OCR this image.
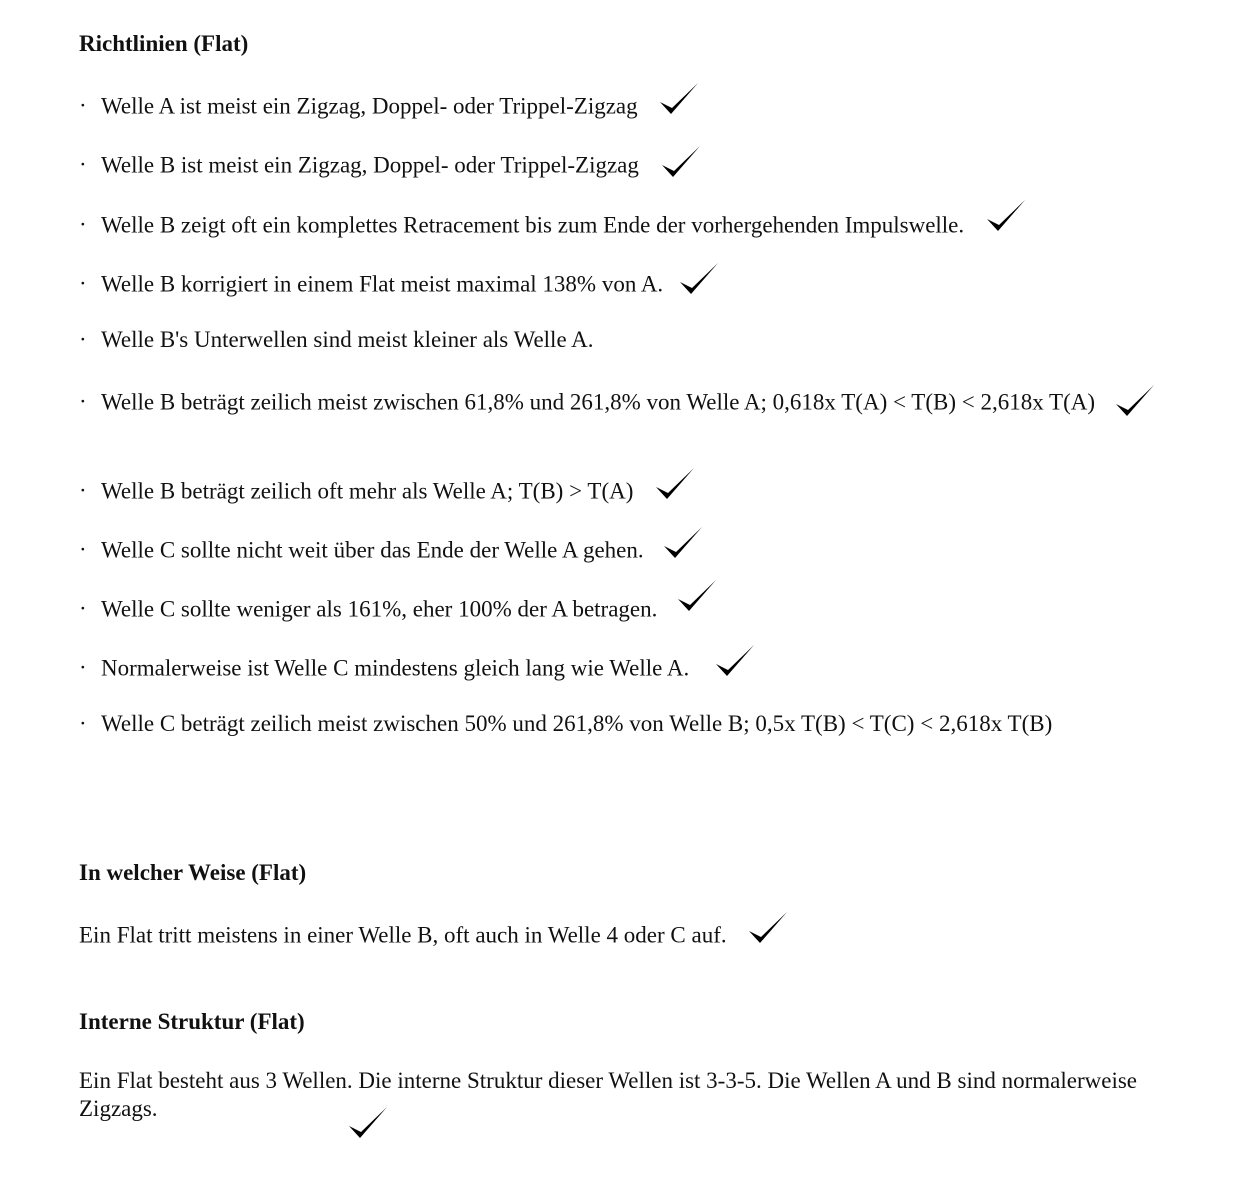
Richtlinien (Flat)

· Welle A ist meist ein Zigzag, Doppel- oder Trippel-Zigzag

· Welle B ist meist ein Zigzag, Doppel- oder Trippel-Zigzag

· Welle B zeigt oft ein komplettes Retracement bis zum Ende der vorhergehenden Impulswelle.

· Welle B korrigiert in einem Flat meist maximal 138% von A.

· Welle B's Unterwellen sind meist kleiner als Welle A.

· Welle B beträgt zeilich meist zwischen 61,8% und 261,8% von Welle A; 0,618x T(A) < T(B) < 2,618x T(A)

· Welle B beträgt zeilich oft mehr als Welle A; T(B) > T(A)

· Welle C sollte nicht weit über das Ende der Welle A gehen.

· Welle C sollte weniger als 161%, eher 100% der A betragen.

· Normalerweise ist Welle C mindestens gleich lang wie Welle A.

· Welle C beträgt zeilich meist zwischen 50% und 261,8% von Welle B; 0,5x T(B) < T(C) < 2,618x T(B)

In welcher Weise (Flat)

Ein Flat tritt meistens in einer Welle B, oft auch in Welle 4 oder C auf.

Interne Struktur (Flat)

Ein Flat besteht aus 3 Wellen. Die interne Struktur dieser Wellen ist 3-3-5. Die Wellen A und B sind normalerweise Zigzags.
